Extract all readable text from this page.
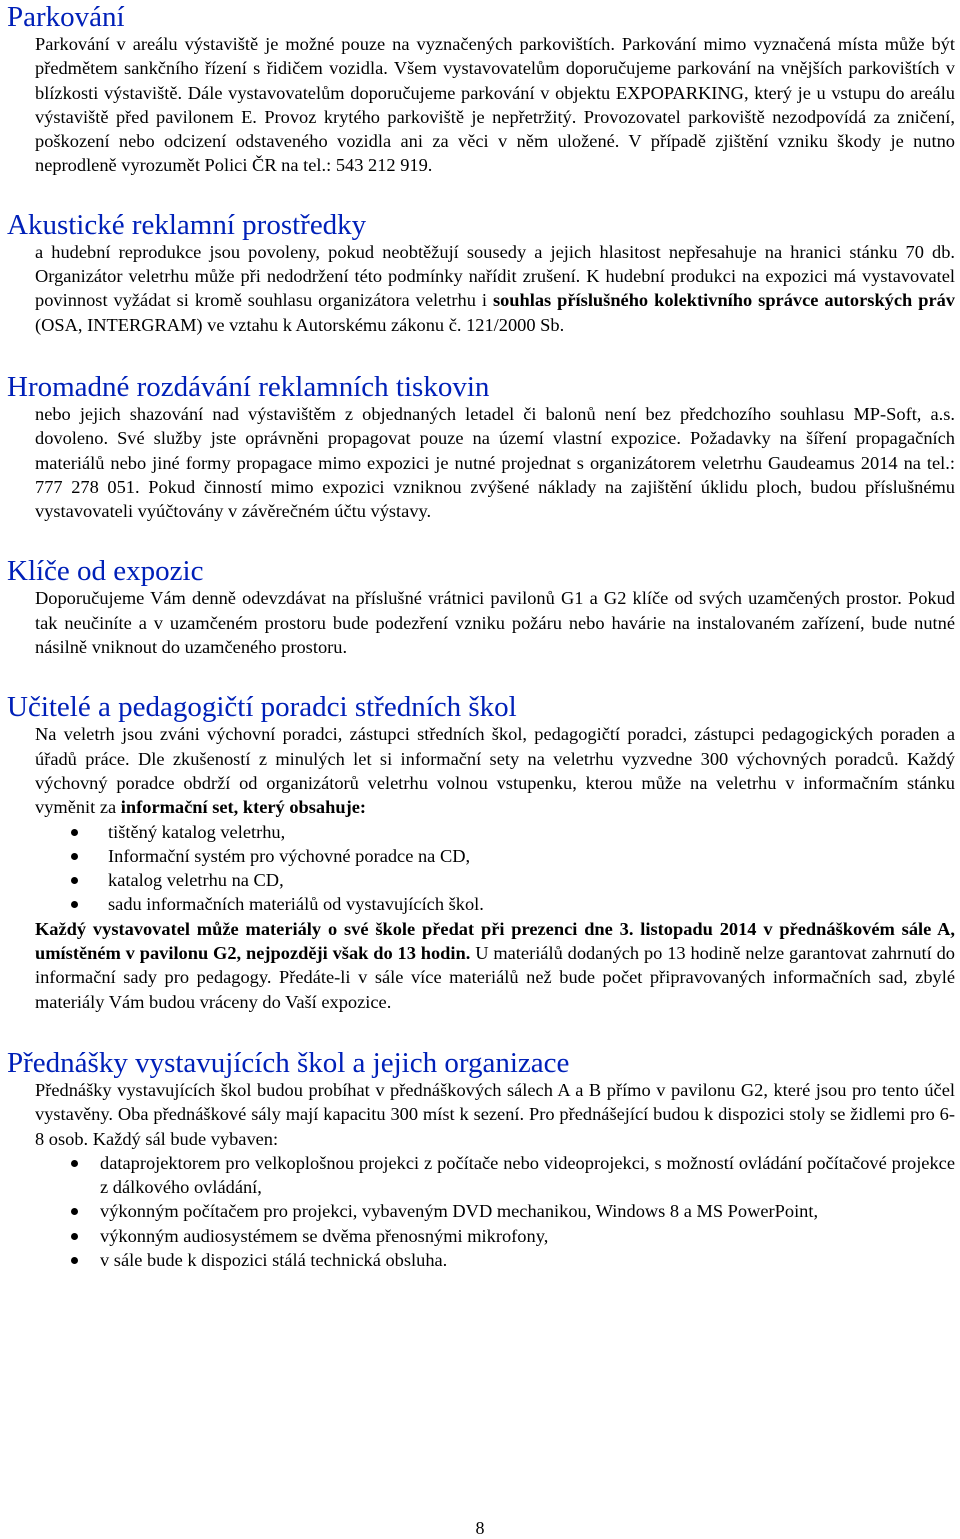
Parkování

Parkování v areálu výstaviště je možné pouze na vyznačených parkovištích. Parkování mimo vyznačená místa může být předmětem sankčního řízení s řidičem vozidla. Všem vystavovatelům doporučujeme parkování na vnějších parkovištích v blízkosti výstaviště. Dále vystavovatelům doporučujeme parkování v objektu EXPOPARKING, který je u vstupu do areálu výstaviště před pavilonem E. Provoz krytého parkoviště je nepřetržitý. Provozovatel parkoviště nezodpovídá za zničení, poškození nebo odcizení odstaveného vozidla ani za věci v něm uložené. V případě zjištění vzniku škody je nutno neprodleně vyrozumět Polici ČR na tel.: 543 212 919.

Akustické reklamní prostředky

a hudební reprodukce jsou povoleny, pokud neobtěžují sousedy a jejich hlasitost nepřesahuje na hranici stánku 70 db. Organizátor veletrhu může při nedodržení této podmínky nařídit zrušení. K hudební produkci na expozici má vystavovatel povinnost vyžádat si kromě souhlasu organizátora veletrhu i souhlas příslušného kolektivního správce autorských práv (OSA, INTERGRAM) ve vztahu k Autorskému zákonu č. 121/2000 Sb.

Hromadné rozdávání reklamních tiskovin

nebo jejich shazování nad výstavištěm z objednaných letadel či balonů není bez předchozího souhlasu MP-Soft, a.s. dovoleno. Své služby jste oprávněni propagovat pouze na území vlastní expozice. Požadavky na šíření propagačních materiálů nebo jiné formy propagace mimo expozici je nutné projednat s organizátorem veletrhu Gaudeamus 2014 na tel.: 777 278 051. Pokud činností mimo expozici vzniknou zvýšené náklady na zajištění úklidu ploch, budou příslušnému vystavovateli vyúčtovány v závěrečném účtu výstavy.

Klíče od expozic

Doporučujeme Vám denně odevzdávat na příslušné vrátnici pavilonů G1 a G2 klíče od svých uzamčených prostor. Pokud tak neučiníte a v uzamčeném prostoru bude podezření vzniku požáru nebo havárie na instalovaném zařízení, bude nutné násilně vniknout do uzamčeného prostoru.

Učitelé a pedagogičtí poradci středních škol

Na veletrh jsou zváni výchovní poradci, zástupci středních škol, pedagogičtí poradci, zástupci pedagogických poraden a úřadů práce. Dle zkušeností z minulých let si informační sety na veletrhu vyzvedne 300 výchovných poradců. Každý výchovný poradce obdrží od organizátorů veletrhu volnou vstupenku, kterou může na veletrhu v informačním stánku vyměnit za informační set, který obsahuje:

tištěný katalog veletrhu,
Informační systém pro výchovné poradce na CD,
katalog veletrhu na CD,
sadu informačních materiálů od vystavujících škol.

Každý vystavovatel může materiály o své škole předat při prezenci dne 3. listopadu 2014 v přednáškovém sále A, umístěném v pavilonu G2, nejpozději však do 13 hodin. U materiálů dodaných po 13 hodině nelze garantovat zahrnutí do informační sady pro pedagogy. Předáte-li v sále více materiálů než bude počet připravovaných informačních sad, zbylé materiály Vám budou vráceny do Vaší expozice.

Přednášky vystavujících škol a jejich organizace

Přednášky vystavujících škol budou probíhat v přednáškových sálech A a B přímo v pavilonu G2, které jsou pro tento účel vystavěny. Oba přednáškové sály mají kapacitu 300 míst k sezení. Pro přednášející budou k dispozici stoly se židlemi pro 6-8 osob. Každý sál bude vybaven:

dataprojektorem pro velkoplošnou projekci z počítače nebo videoprojekci, s možností ovládání počítačové projekce z dálkového ovládání,
výkonným počítačem pro projekci, vybaveným DVD mechanikou, Windows 8 a MS PowerPoint,
výkonným audiosystémem se dvěma přenosnými mikrofony,
v sále bude k dispozici stálá technická obsluha.
8
